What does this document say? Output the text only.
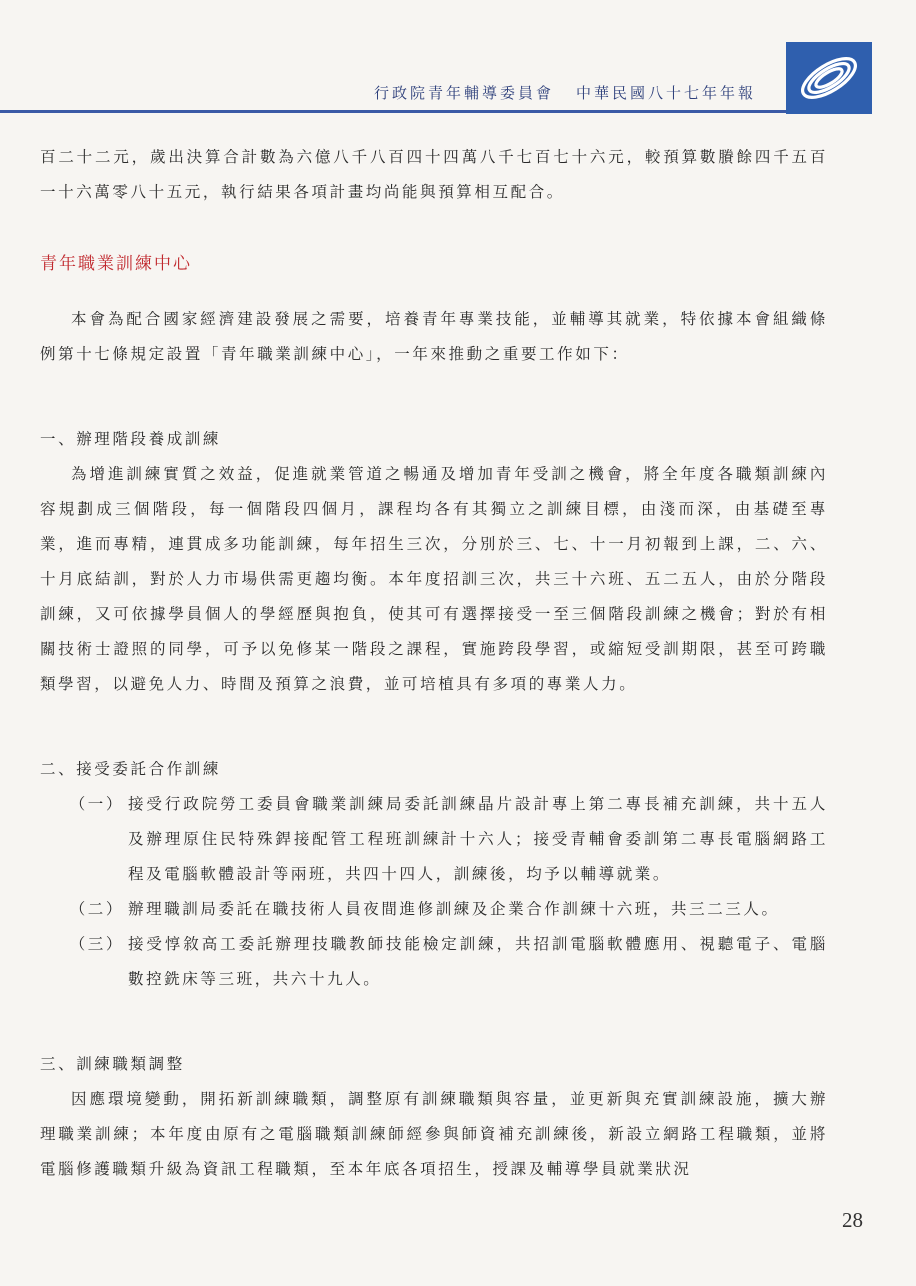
行政院青年輔導委員會 中華民國八十七年年報

百二十二元，歲出決算合計數為六億八千八百四十四萬八千七百七十六元，較預算數賸餘四千五百一十六萬零八十五元，執行結果各項計畫均尚能與預算相互配合。

青年職業訓練中心

本會為配合國家經濟建設發展之需要，培養青年專業技能，並輔導其就業，特依據本會組織條例第十七條規定設置「青年職業訓練中心」，一年來推動之重要工作如下：

一、辦理階段養成訓練

為增進訓練實質之效益，促進就業管道之暢通及增加青年受訓之機會，將全年度各職類訓練內容規劃成三個階段，每一個階段四個月，課程均各有其獨立之訓練目標，由淺而深，由基礎至專業，進而專精，連貫成多功能訓練，每年招生三次，分別於三、七、十一月初報到上課，二、六、十月底結訓，對於人力市場供需更趨均衡。本年度招訓三次，共三十六班、五二五人，由於分階段訓練，又可依據學員個人的學經歷與抱負，使其可有選擇接受一至三個階段訓練之機會；對於有相關技術士證照的同學，可予以免修某一階段之課程，實施跨段學習，或縮短受訓期限，甚至可跨職類學習，以避免人力、時間及預算之浪費，並可培植具有多項的專業人力。

二、接受委託合作訓練

（一） 接受行政院勞工委員會職業訓練局委託訓練晶片設計專上第二專長補充訓練，共十五人及辦理原住民特殊銲接配管工程班訓練計十六人；接受青輔會委訓第二專長電腦網路工程及電腦軟體設計等兩班，共四十四人，訓練後，均予以輔導就業。
（二） 辦理職訓局委託在職技術人員夜間進修訓練及企業合作訓練十六班，共三二三人。
（三） 接受惇敘高工委託辦理技職教師技能檢定訓練，共招訓電腦軟體應用、視聽電子、電腦數控銑床等三班，共六十九人。

三、訓練職類調整

因應環境變動，開拓新訓練職類，調整原有訓練職類與容量，並更新與充實訓練設施，擴大辦理職業訓練；本年度由原有之電腦職類訓練師經參與師資補充訓練後，新設立網路工程職類，並將電腦修護職類升級為資訊工程職類，至本年底各項招生，授課及輔導學員就業狀況

28
